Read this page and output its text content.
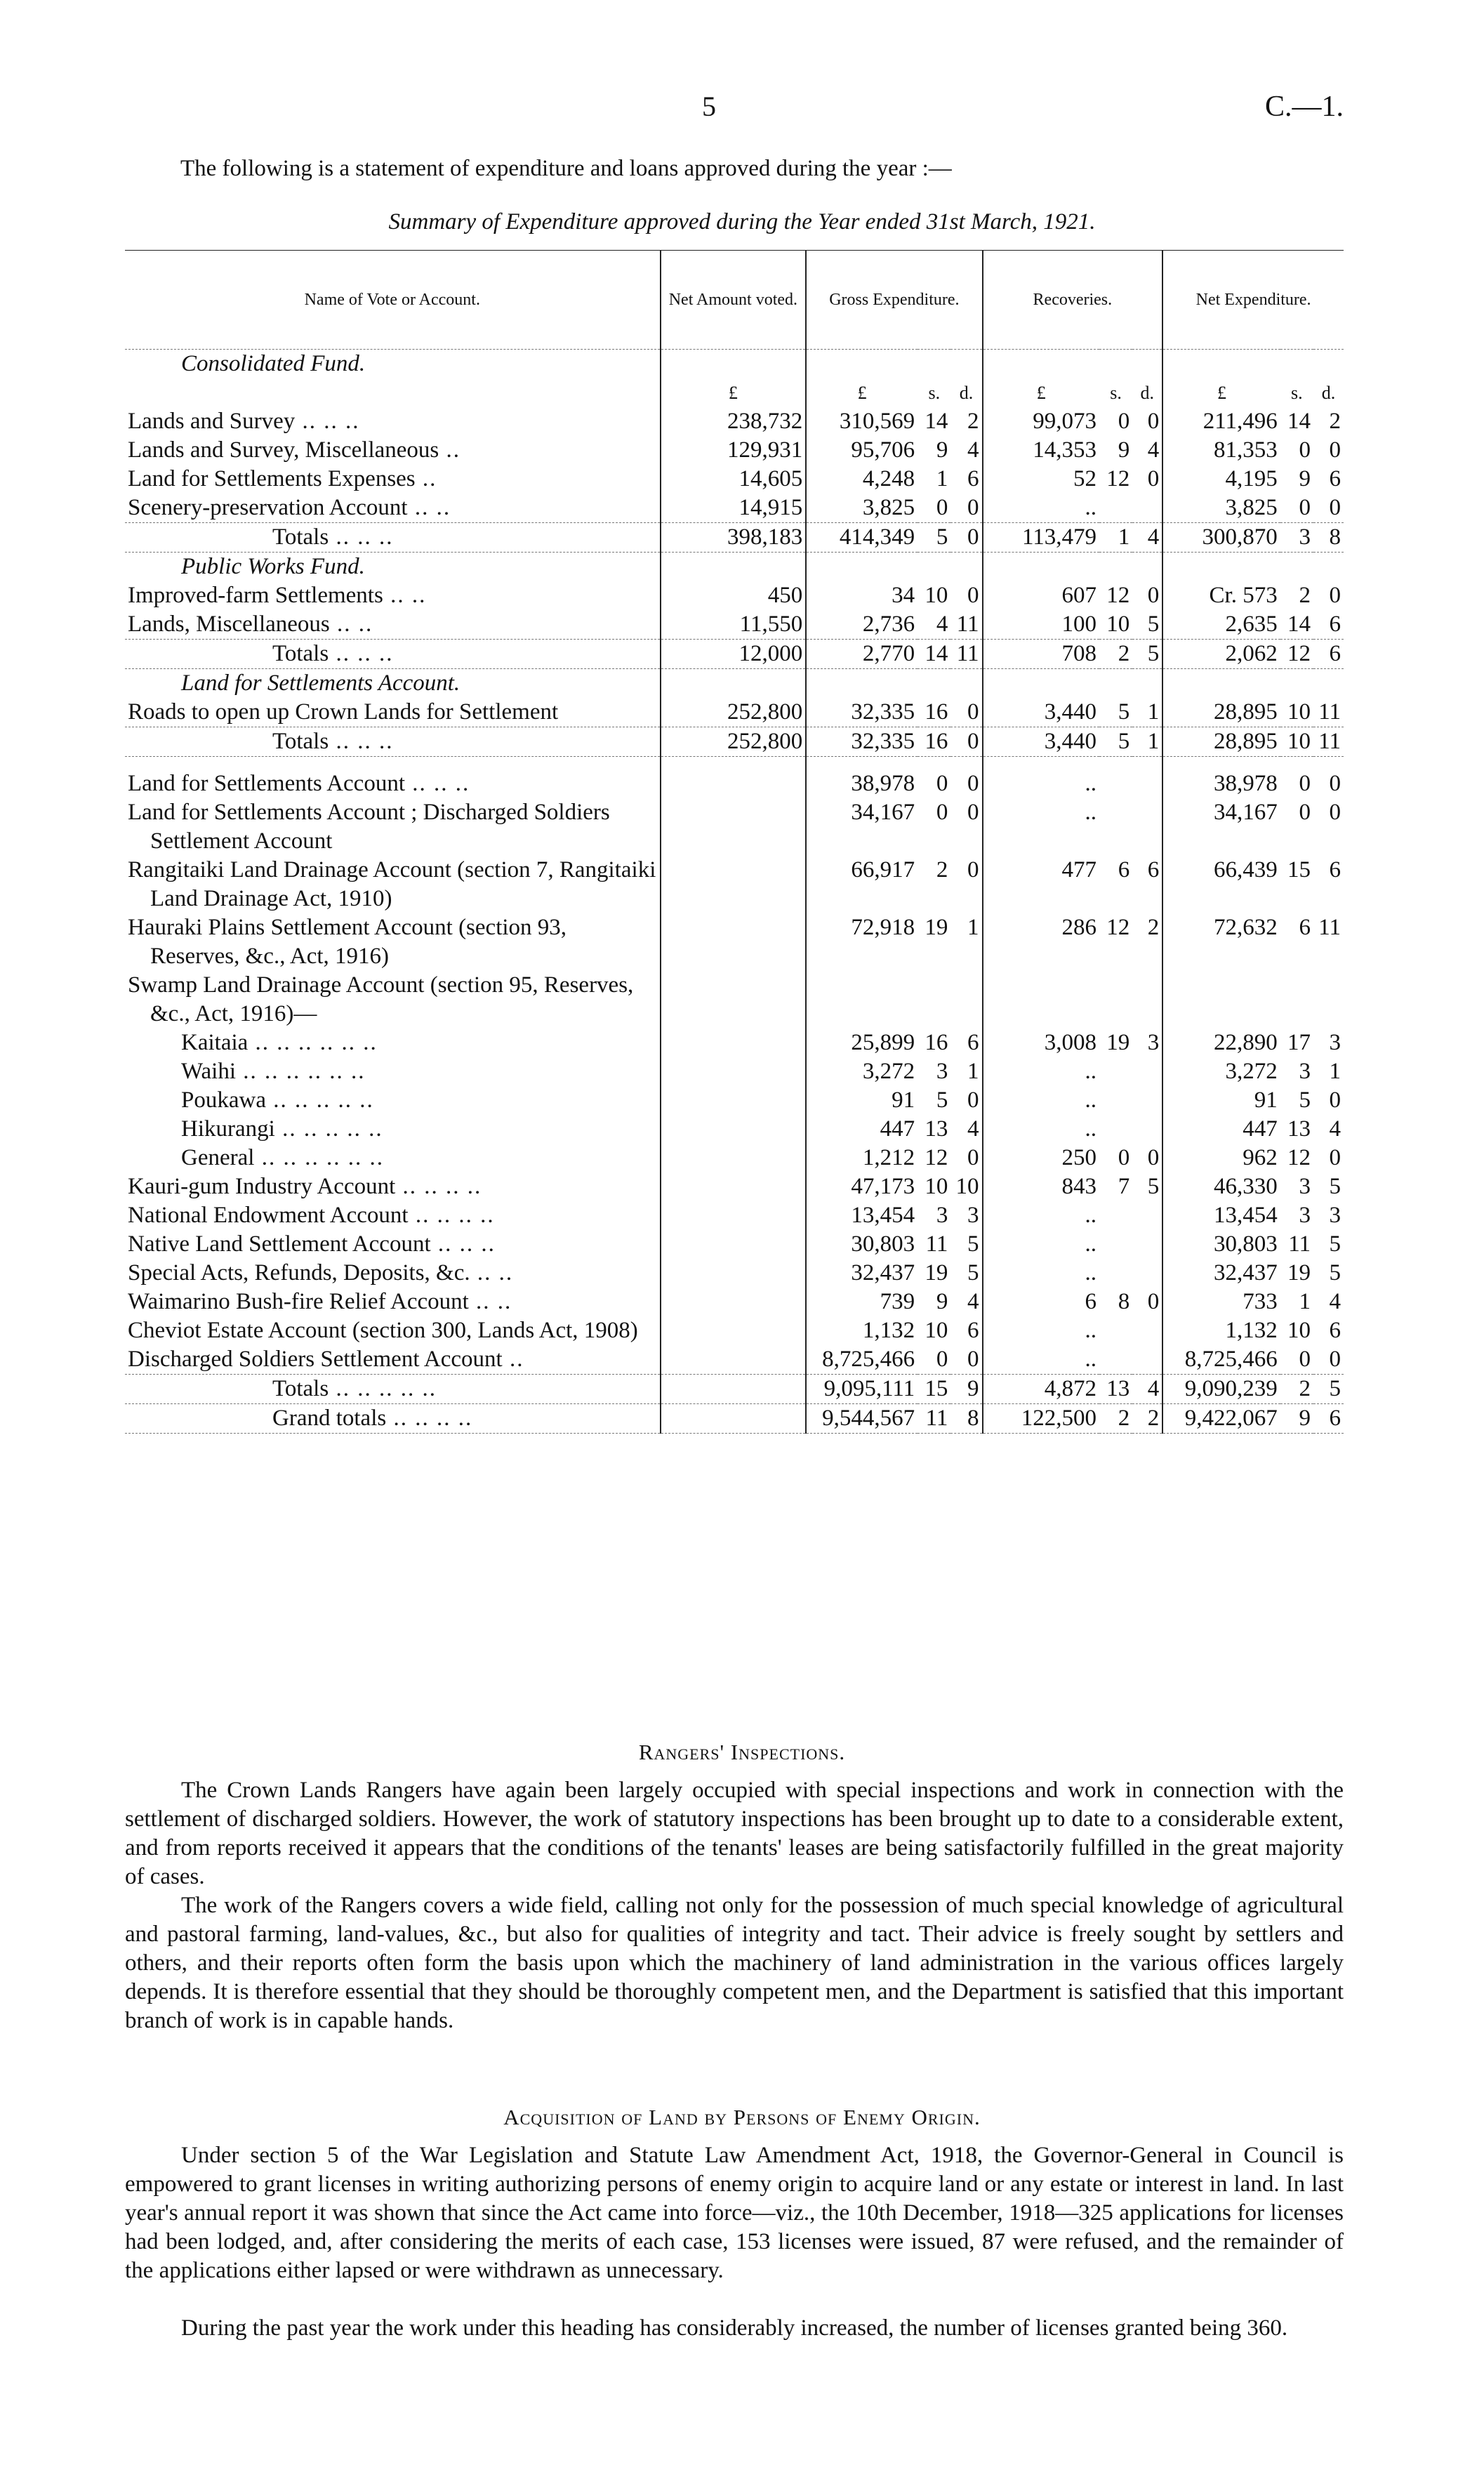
5	C.—1.
The following is a statement of expenditure and loans approved during the year :—
Summary of Expenditure approved during the Year ended 31st March, 1921.
Name of Vote or Account.	Net Amount voted.	Gross Expenditure.			Recoveries.			Net Expenditure.		
Consolidated Fund.										
	£	£	s.	d.	£	s.	d.	£	s.	d.
Lands and Survey .. .. ..	238,732	310,569	14	2	99,073	0	0	211,496	14	2
Lands and Survey, Miscellaneous ..	129,931	95,706	9	4	14,353	9	4	81,353	0	0
Land for Settlements Expenses ..	14,605	4,248	1	6	52	12	0	4,195	9	6
Scenery-preservation Account .. ..	14,915	3,825	0	0	..			3,825	0	0
Totals .. .. ..	398,183	414,349	5	0	113,479	1	4	300,870	3	8
Public Works Fund.										
Improved-farm Settlements .. ..	450	34	10	0	607	12	0	Cr. 573	2	0
Lands, Miscellaneous .. ..	11,550	2,736	4	11	100	10	5	2,635	14	6
Totals .. .. ..	12,000	2,770	14	11	708	2	5	2,062	12	6
Land for Settlements Account.										
Roads to open up Crown Lands for Settlement	252,800	32,335	16	0	3,440	5	1	28,895	10	11
Totals .. .. ..	252,800	32,335	16	0	3,440	5	1	28,895	10	11

Land for Settlements Account .. .. ..		38,978	0	0	..			38,978	0	0
Land for Settlements Account ; Discharged Soldiers Settlement Account		34,167	0	0	..			34,167	0	0
Rangitaiki Land Drainage Account (section 7, Rangitaiki Land Drainage Act, 1910)		66,917	2	0	477	6	6	66,439	15	6
Hauraki Plains Settlement Account (section 93, Reserves, &c., Act, 1916)		72,918	19	1	286	12	2	72,632	6	11
Swamp Land Drainage Account (section 95, Reserves, &c., Act, 1916)—										
Kaitaia .. .. .. .. .. ..		25,899	16	6	3,008	19	3	22,890	17	3
Waihi .. .. .. .. .. ..		3,272	3	1	..			3,272	3	1
Poukawa .. .. .. .. ..		91	5	0	..			91	5	0
Hikurangi .. .. .. .. ..		447	13	4	..			447	13	4
General .. .. .. .. .. ..		1,212	12	0	250	0	0	962	12	0
Kauri-gum Industry Account .. .. .. ..		47,173	10	10	843	7	5	46,330	3	5
National Endowment Account .. .. .. ..		13,454	3	3	..			13,454	3	3
Native Land Settlement Account .. .. ..		30,803	11	5	..			30,803	11	5
Special Acts, Refunds, Deposits, &c. .. ..		32,437	19	5	..			32,437	19	5
Waimarino Bush-fire Relief Account .. ..		739	9	4	6	8	0	733	1	4
Cheviot Estate Account (section 300, Lands Act, 1908)		1,132	10	6	..			1,132	10	6
Discharged Soldiers Settlement Account ..		8,725,466	0	0	..			8,725,466	0	0
Totals .. .. .. .. ..		9,095,111	15	9	4,872	13	4	9,090,239	2	5
Grand totals .. .. .. ..		9,544,567	11	8	122,500	2	2	9,422,067	9	6
Rangers' Inspections.

The Crown Lands Rangers have again been largely occupied with special inspections and work in connection with the settlement of discharged soldiers. However, the work of statutory inspections has been brought up to date to a considerable extent, and from reports received it appears that the conditions of the tenants' leases are being satisfactorily fulfilled in the great majority of cases.

The work of the Rangers covers a wide field, calling not only for the possession of much special knowledge of agricultural and pastoral farming, land-values, &c., but also for qualities of integrity and tact. Their advice is freely sought by settlers and others, and their reports often form the basis upon which the machinery of land administration in the various offices largely depends. It is therefore essential that they should be thoroughly competent men, and the Department is satisfied that this important branch of work is in capable hands.

Acquisition of Land by Persons of Enemy Origin.

Under section 5 of the War Legislation and Statute Law Amendment Act, 1918, the Governor-General in Council is empowered to grant licenses in writing authorizing persons of enemy origin to acquire land or any estate or interest in land. In last year's annual report it was shown that since the Act came into force—viz., the 10th December, 1918—325 applications for licenses had been lodged, and, after considering the merits of each case, 153 licenses were issued, 87 were refused, and the remainder of the applications either lapsed or were withdrawn as unnecessary.

During the past year the work under this heading has considerably increased, the number of licenses granted being 360.
